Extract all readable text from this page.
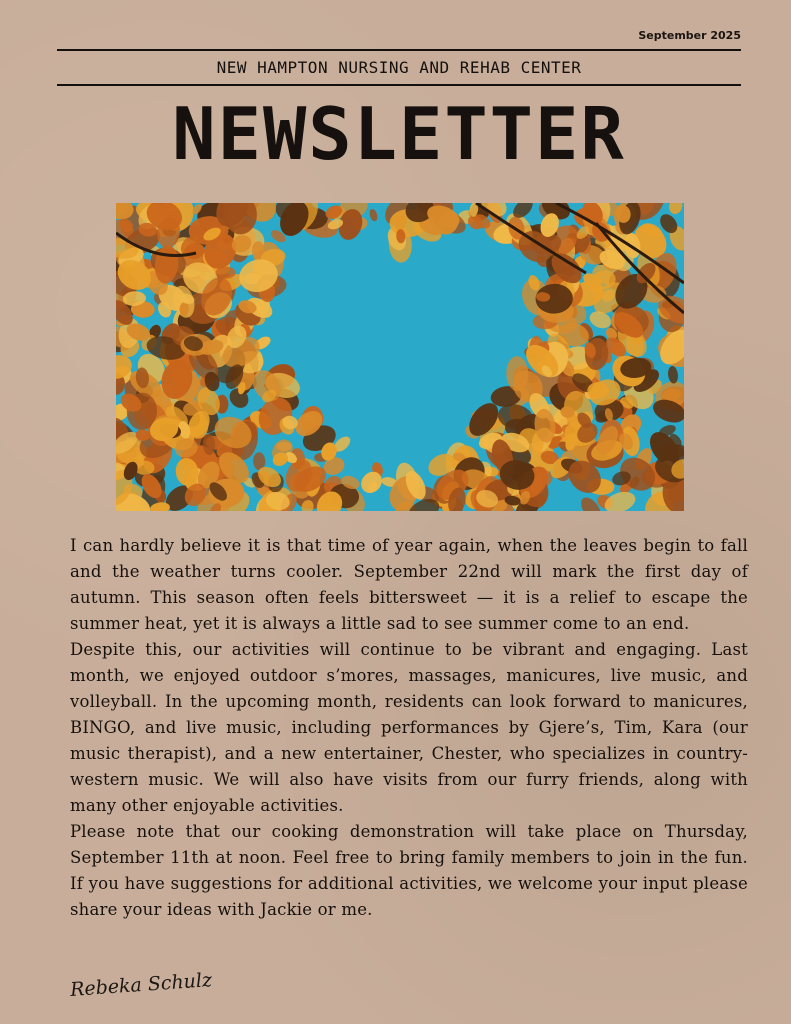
September 2025
NEW HAMPTON NURSING AND REHAB CENTER
NEWSLETTER

I can hardly believe it is that time of year again, when the leaves begin to fall and the weather turns cooler. September 22nd will mark the first day of autumn. This season often feels bittersweet — it is a relief to escape the summer heat, yet it is always a little sad to see summer come to an end.

Despite this, our activities will continue to be vibrant and engaging. Last month, we enjoyed outdoor s’mores, massages, manicures, live music, and volleyball. In the upcoming month, residents can look forward to manicures, BINGO, and live music, including performances by Gjere’s, Tim, Kara (our music therapist), and a new entertainer, Chester, who specializes in country-western music. We will also have visits from our furry friends, along with many other enjoyable activities.

Please note that our cooking demonstration will take place on Thursday, September 11th at noon. Feel free to bring family members to join in the fun. If you have suggestions for additional activities, we welcome your input please share your ideas with Jackie or me.

Rebeka Schulz
